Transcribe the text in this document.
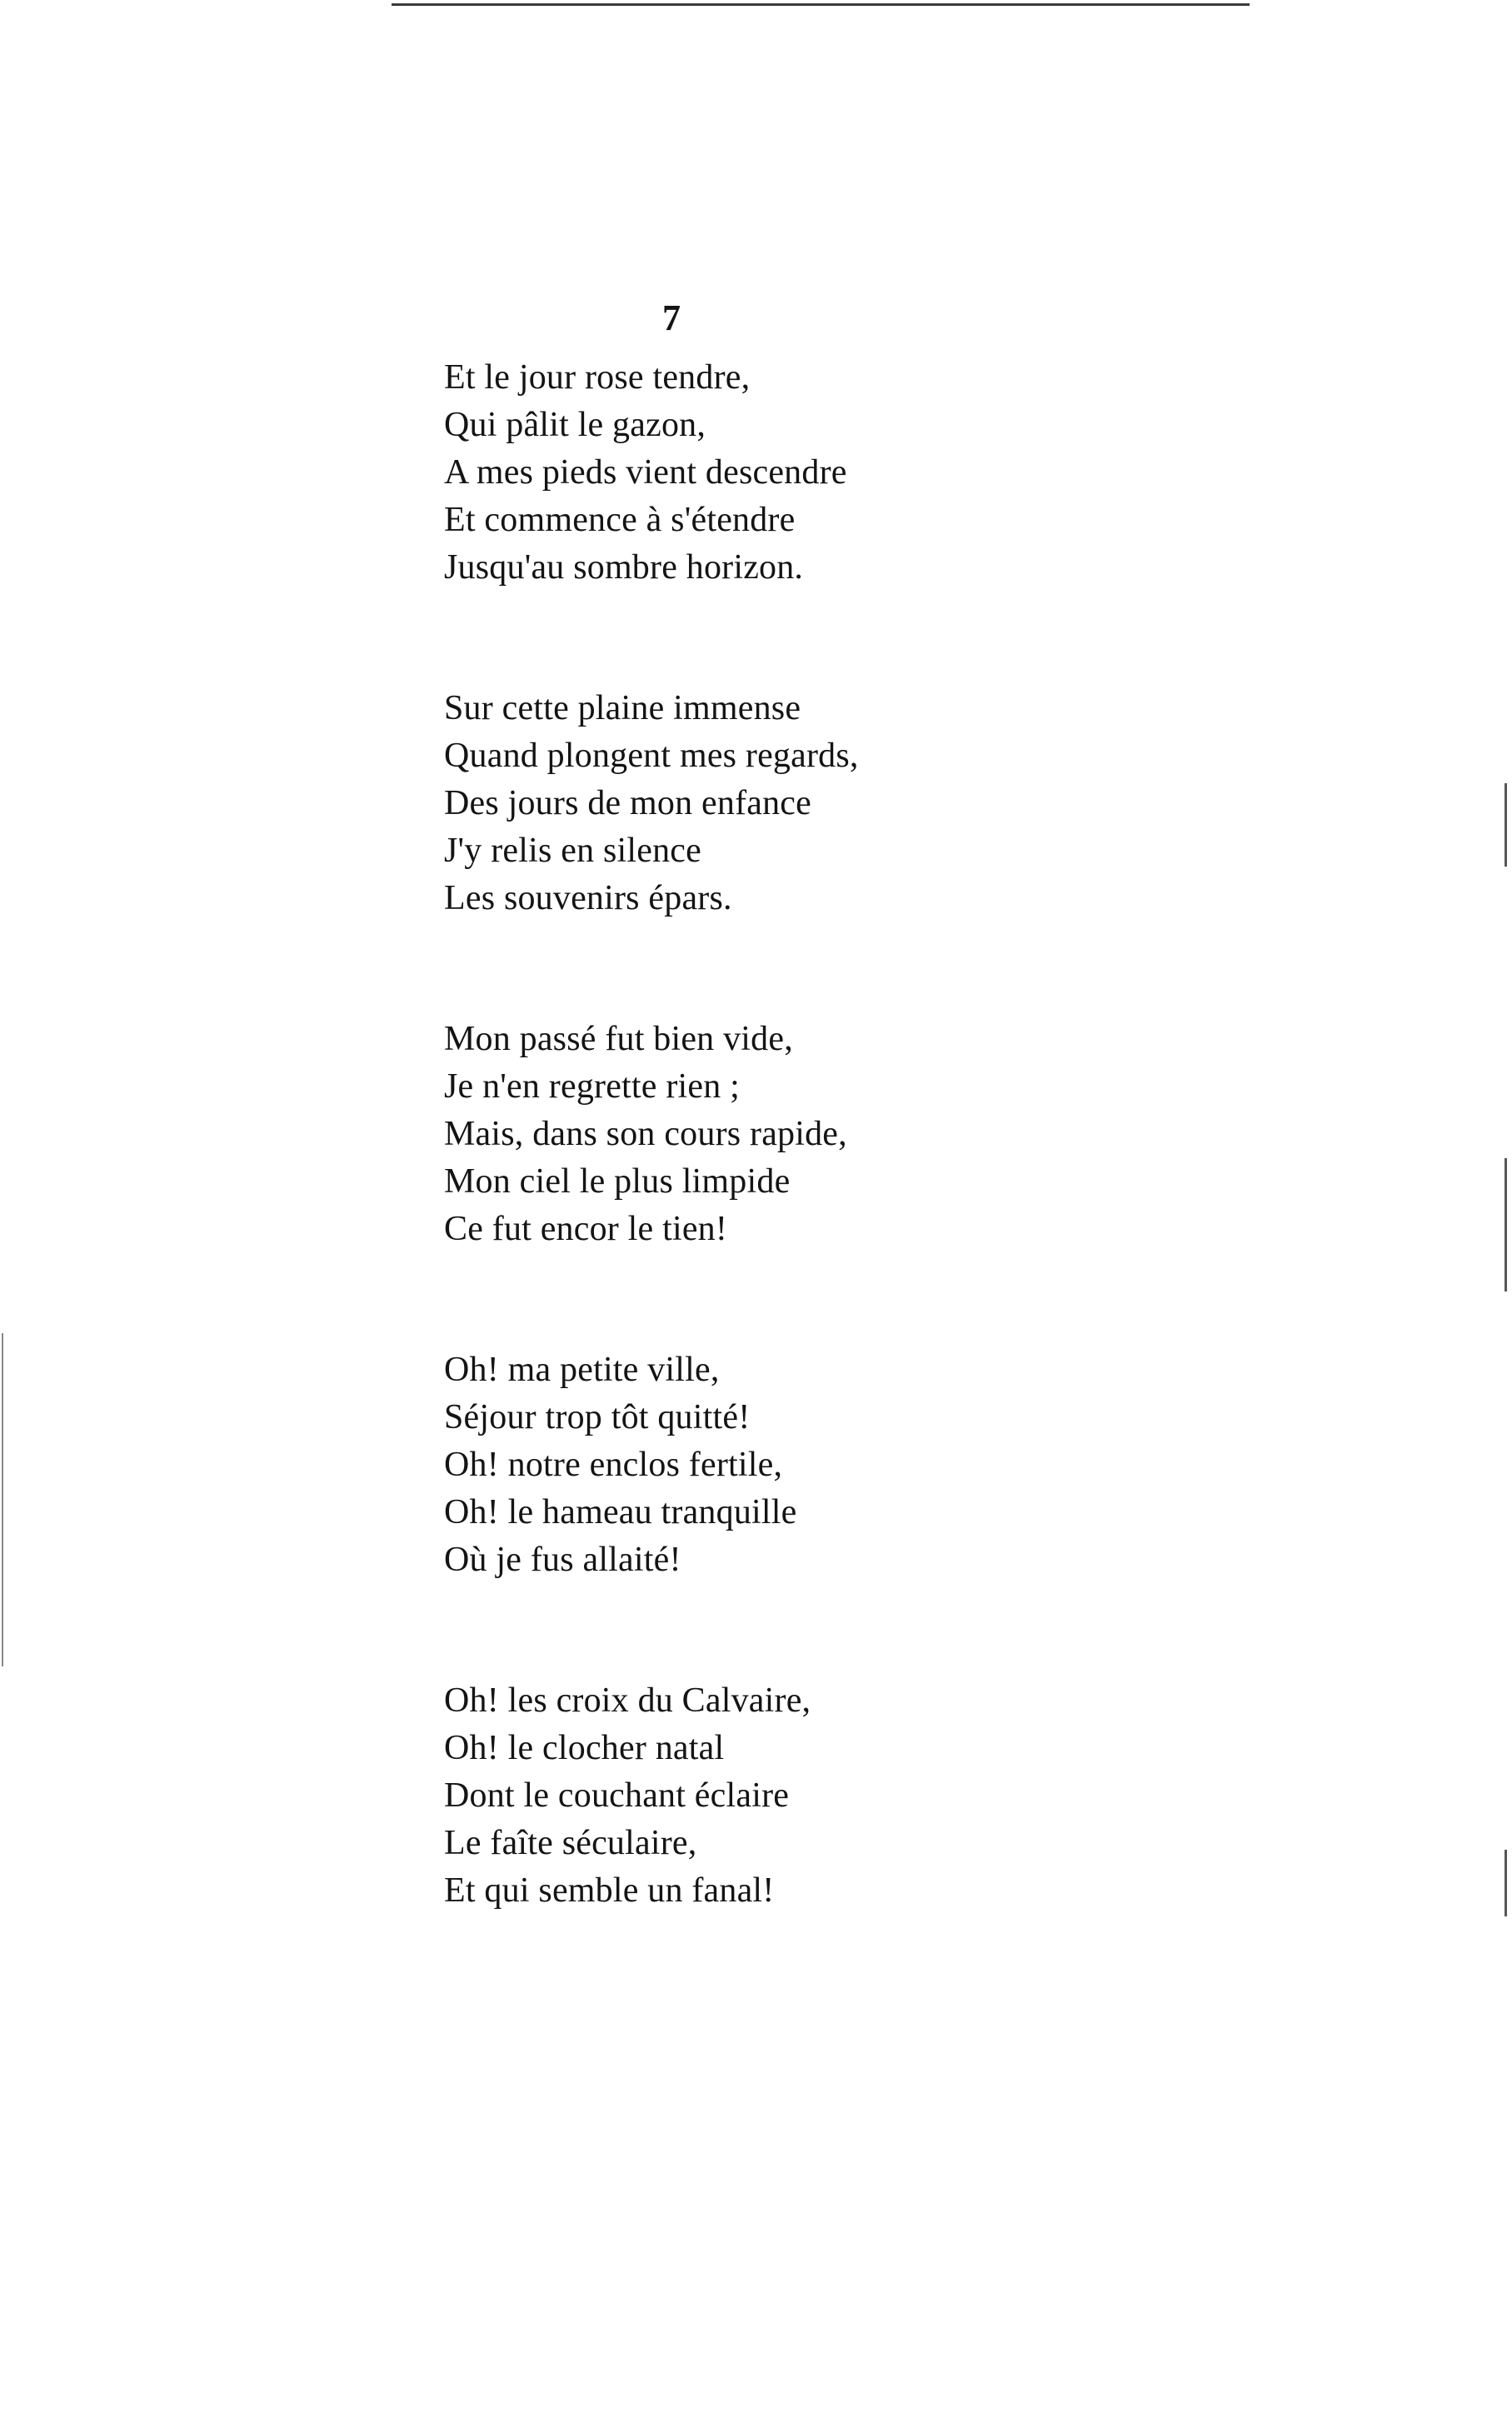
7
Et le jour rose tendre,
Qui pâlit le gazon,
A mes pieds vient descendre
Et commence à s'étendre
Jusqu'au sombre horizon.
Sur cette plaine immense
Quand plongent mes regards,
Des jours de mon enfance
J'y relis en silence
Les souvenirs épars.
Mon passé fut bien vide,
Je n'en regrette rien ;
Mais, dans son cours rapide,
Mon ciel le plus limpide
Ce fut encor le tien!
Oh! ma petite ville,
Séjour trop tôt quitté!
Oh! notre enclos fertile,
Oh! le hameau tranquille
Où je fus allaité!
Oh! les croix du Calvaire,
Oh! le clocher natal
Dont le couchant éclaire
Le faîte séculaire,
Et qui semble un fanal!
